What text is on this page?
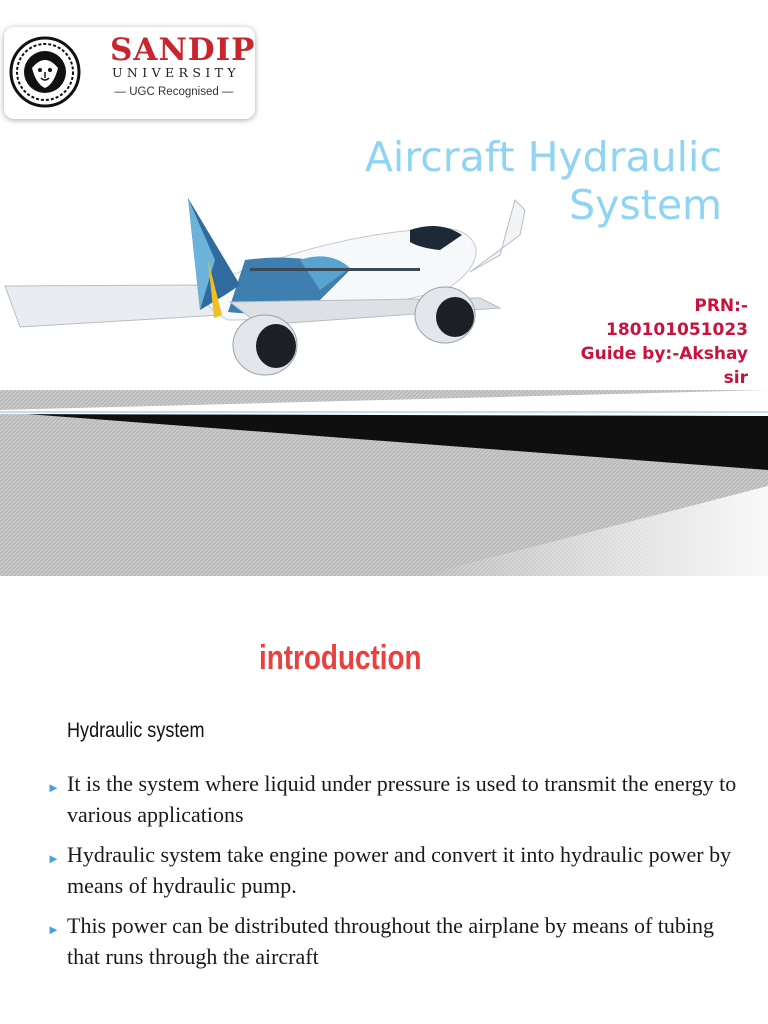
SANDIP
UNIVERSITY
— UGC Recognised —
Aircraft Hydraulic
System
PRN:-
180101051023
Guide by:-Akshay
sir
introduction
Hydraulic system
► It is the system where liquid under pressure is used to transmit the energy to various applications
► Hydraulic system take engine power and convert it into hydraulic power by means of hydraulic pump.
► This power can be distributed throughout the airplane by means of tubing that runs through the aircraft
